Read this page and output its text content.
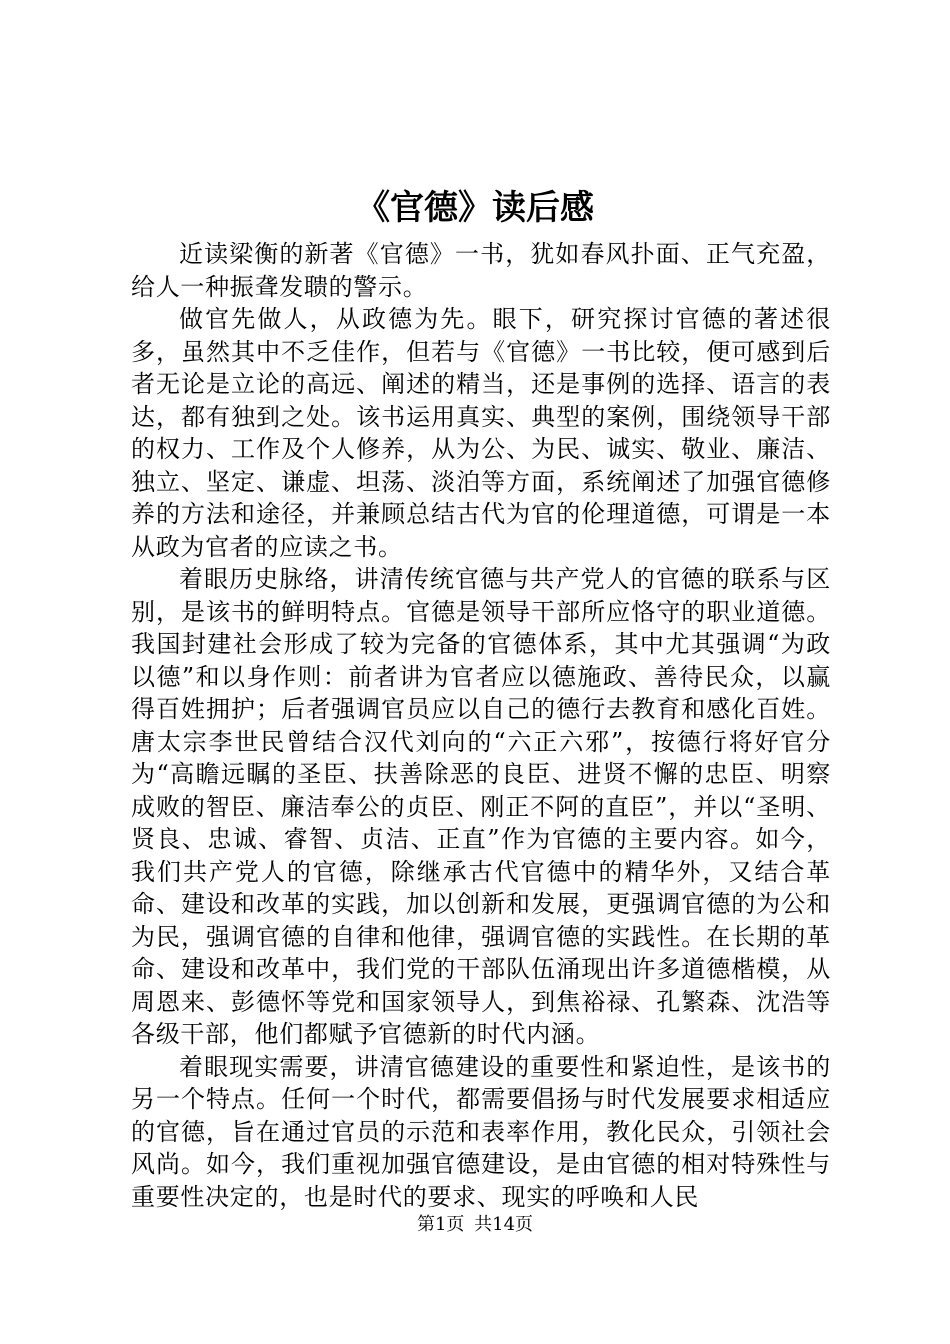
《官德》读后感

近读梁衡的新著《官德》一书，犹如春风扑面、正气充盈，给人一种振聋发聩的警示。

做官先做人，从政德为先。眼下，研究探讨官德的著述很多，虽然其中不乏佳作，但若与《官德》一书比较，便可感到后者无论是立论的高远、阐述的精当，还是事例的选择、语言的表达，都有独到之处。该书运用真实、典型的案例，围绕领导干部的权力、工作及个人修养，从为公、为民、诚实、敬业、廉洁、独立、坚定、谦虚、坦荡、淡泊等方面，系统阐述了加强官德修养的方法和途径，并兼顾总结古代为官的伦理道德，可谓是一本从政为官者的应读之书。

着眼历史脉络，讲清传统官德与共产党人的官德的联系与区别，是该书的鲜明特点。官德是领导干部所应恪守的职业道德。我国封建社会形成了较为完备的官德体系，其中尤其强调“为政以德”和以身作则：前者讲为官者应以德施政、善待民众，以赢得百姓拥护；后者强调官员应以自己的德行去教育和感化百姓。唐太宗李世民曾结合汉代刘向的“六正六邪”，按德行将好官分为“高瞻远瞩的圣臣、扶善除恶的良臣、进贤不懈的忠臣、明察成败的智臣、廉洁奉公的贞臣、刚正不阿的直臣”，并以“圣明、贤良、忠诚、睿智、贞洁、正直”作为官德的主要内容。如今，我们共产党人的官德，除继承古代官德中的精华外，又结合革命、建设和改革的实践，加以创新和发展，更强调官德的为公和为民，强调官德的自律和他律，强调官德的实践性。在长期的革命、建设和改革中，我们党的干部队伍涌现出许多道德楷模，从周恩来、彭德怀等党和国家领导人，到焦裕禄、孔繁森、沈浩等各级干部，他们都赋予官德新的时代内涵。

着眼现实需要，讲清官德建设的重要性和紧迫性，是该书的另一个特点。任何一个时代，都需要倡扬与时代发展要求相适应的官德，旨在通过官员的示范和表率作用，教化民众，引领社会风尚。如今，我们重视加强官德建设，是由官德的相对特殊性与重要性决定的，也是时代的要求、现实的呼唤和人民

第1页 共14页
